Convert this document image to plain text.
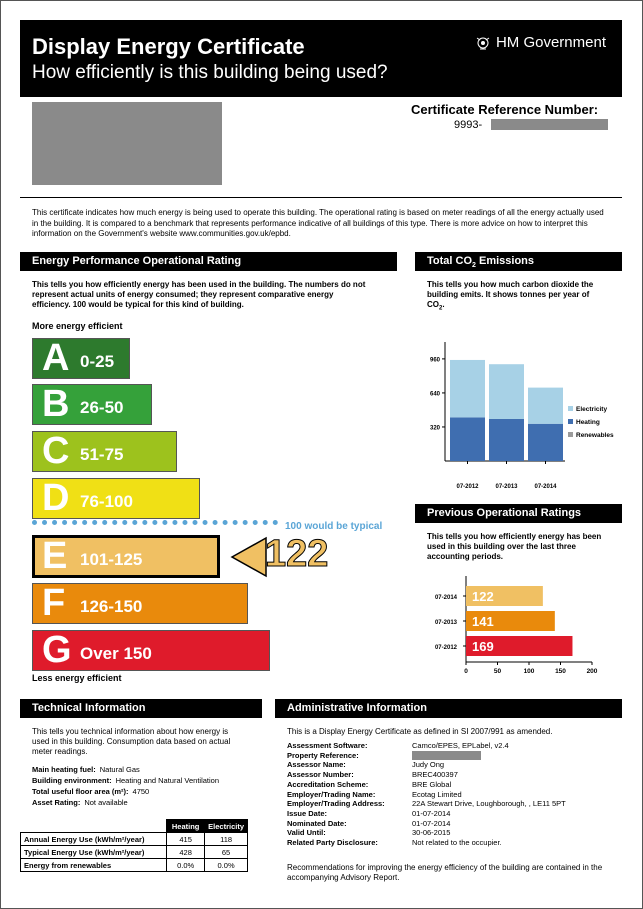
Display Energy Certificate
How efficiently is this building being used?
HM Government
Certificate Reference Number:
9993-
This certificate indicates how much energy is being used to operate this building. The operational rating is based on meter readings of all the energy actually used in the building. It is compared to a benchmark that represents performance indicative of all buildings of this type. There is more advice on how to interpret this information on the Government's website www.communities.gov.uk/epbd.
Energy Performance Operational Rating
This tells you how efficiently energy has been used in the building. The numbers do not represent actual units of energy consumed; they represent comparative energy efficiency. 100 would be typical for this kind of building.
More energy efficient
A 0-25
B 26-50
C 51-75
D 76-100
E 101-125
F 126-150
G Over 150
100 would be typical
122
Less energy efficient
Total $CO_2$ Emissions
This tells you how much carbon dioxide the building emits. It shows tonnes per year of $CO_2$.
960
640
320
07-2012	07-2013	07-2014
Electricity
Heating
Renewables
Previous Operational Ratings
This tells you how efficiently energy has been used in this building over the last three accounting periods.
122
07-2014
141
07-2013
169
07-2012
0	50	100	150	200
Technical Information
This tells you technical information about how energy is used in this building. Consumption data based on actual meter readings.
Main heating fuel: Natural Gas
Building environment: Heating and Natural Ventilation
Total useful floor area (m²): 4750
Asset Rating: Not available
	Heating	Electricity
Annual Energy Use (kWh/m²/year)	415	118
Typical Energy Use (kWh/m²/year)	428	65
Energy from renewables	0.0%	0.0%
Administrative Information
This is a Display Energy Certificate as defined in SI 2007/991 as amended.
Assessment Software:	Camco/EPES, EPLabel, v2.4
Property Reference:
Assessor Name:	Judy Ong
Assessor Number:	BREC400397
Accreditation Scheme:	BRE Global
Employer/Trading Name:	Ecotag Limited
Employer/Trading Address:	22A Stewart Drive, Loughborough, , LE11 5PT
Issue Date:	01-07-2014
Nominated Date:	01-07-2014
Valid Until:	30-06-2015
Related Party Disclosure:	Not related to the occupier.
Recommendations for improving the energy efficiency of the building are contained in the accompanying Advisory Report.
